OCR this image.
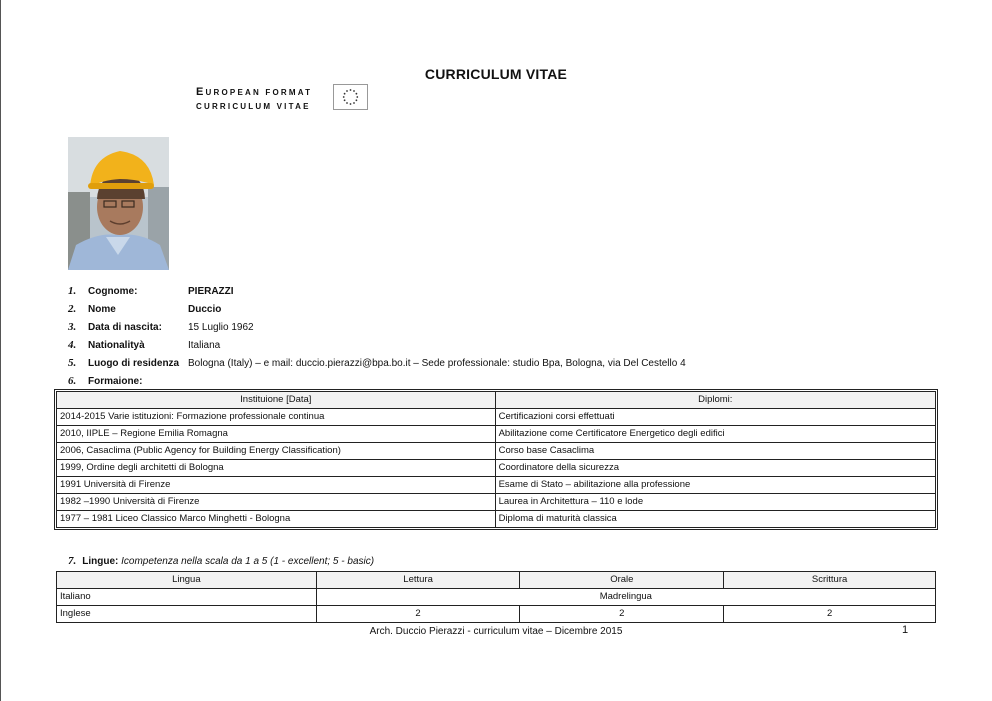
CURRICULUM VITAE
EUROPEAN FORMAT
CURRICULUM VITAE
1. Cognome:	PIERAZZI
2. Nome	Duccio
3. Data di nascita:	15 Luglio 1962
4. Nationalityà	Italiana
5. Luogo di residenza Bologna (Italy) – e mail: duccio.pierazzi@bpa.bo.it – Sede professionale: studio Bpa, Bologna, via Del Cestello 4
6. Formaione:
Instituione [Data]	Diplomi:
2014-2015 Varie istituzioni: Formazione professionale continua	Certificazioni corsi effettuati
2010, IIPLE – Regione Emilia Romagna	Abilitazione come Certificatore Energetico degli edifici
2006, Casaclima (Public Agency for Building Energy Classification)	Corso base Casaclima
1999, Ordine degli architetti di Bologna	Coordinatore della sicurezza
1991 Università di Firenze	Esame di Stato – abilitazione alla professione
1982 –1990 Università di Firenze	Laurea in Architettura – 110 e lode
1977 – 1981 Liceo Classico Marco Minghetti - Bologna	Diploma di maturità classica
7. Lingue: Icompetenza nella scala da 1 a 5 (1 - excellent; 5 - basic)
Lingua	Lettura	Orale	Scrittura
Italiano	Madrelingua		
Inglese	2	2	2
Arch. Duccio Pierazzi - curriculum vitae – Dicembre 2015	1
